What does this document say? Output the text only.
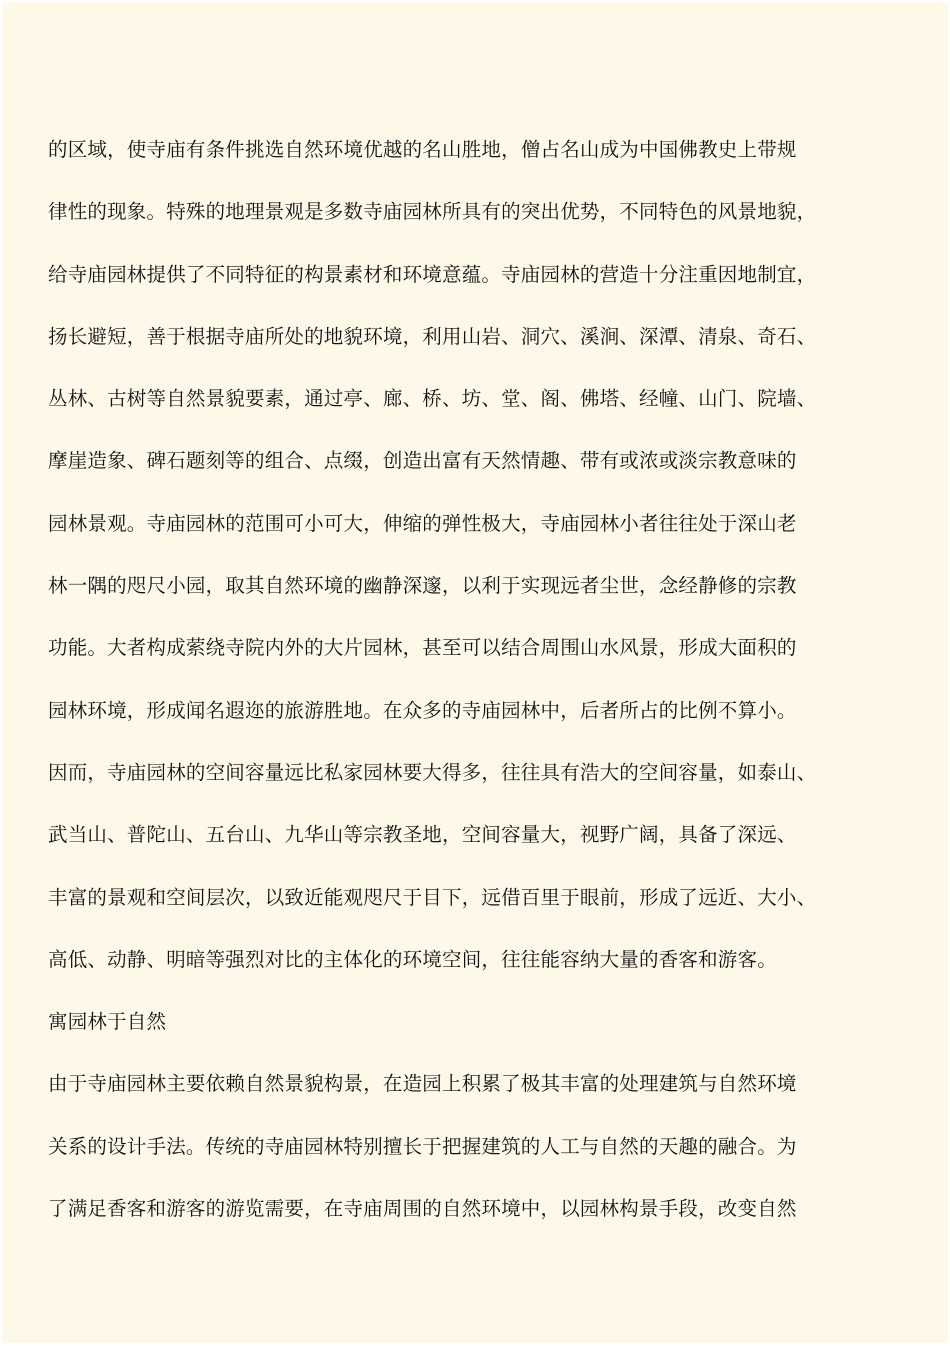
的区域，使寺庙有条件挑选自然环境优越的名山胜地，僧占名山成为中国佛教史上带规
律性的现象。特殊的地理景观是多数寺庙园林所具有的突出优势，不同特色的风景地貌，
给寺庙园林提供了不同特征的构景素材和环境意蕴。寺庙园林的营造十分注重因地制宜，
扬长避短，善于根据寺庙所处的地貌环境，利用山岩、洞穴、溪涧、深潭、清泉、奇石、
丛林、古树等自然景貌要素，通过亭、廊、桥、坊、堂、阁、佛塔、经幢、山门、院墙、
摩崖造象、碑石题刻等的组合、点缀，创造出富有天然情趣、带有或浓或淡宗教意味的
园林景观。寺庙园林的范围可小可大，伸缩的弹性极大，寺庙园林小者往往处于深山老
林一隅的咫尺小园，取其自然环境的幽静深邃，以利于实现远者尘世，念经静修的宗教
功能。大者构成萦绕寺院内外的大片园林，甚至可以结合周围山水风景，形成大面积的
园林环境，形成闻名遐迩的旅游胜地。在众多的寺庙园林中，后者所占的比例不算小。
因而，寺庙园林的空间容量远比私家园林要大得多，往往具有浩大的空间容量，如泰山、
武当山、普陀山、五台山、九华山等宗教圣地，空间容量大，视野广阔，具备了深远、
丰富的景观和空间层次，以致近能观咫尺于目下，远借百里于眼前，形成了远近、大小、
高低、动静、明暗等强烈对比的主体化的环境空间，往往能容纳大量的香客和游客。
寓园林于自然
由于寺庙园林主要依赖自然景貌构景，在造园上积累了极其丰富的处理建筑与自然环境
关系的设计手法。传统的寺庙园林特别擅长于把握建筑的人工与自然的天趣的融合。为
了满足香客和游客的游览需要，在寺庙周围的自然环境中，以园林构景手段，改变自然
